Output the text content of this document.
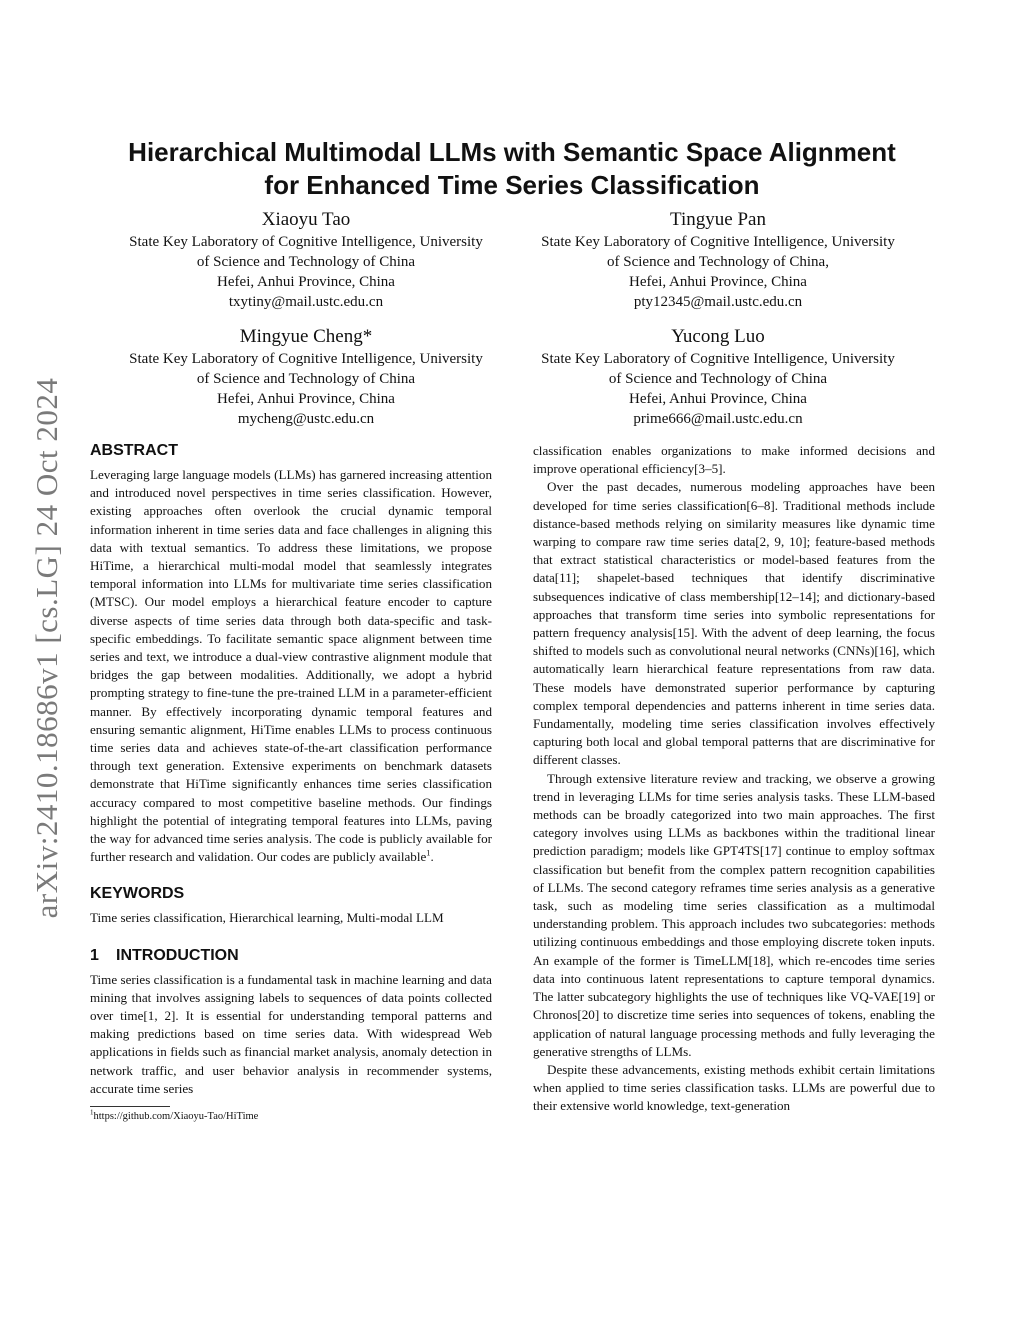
arXiv:2410.18686v1 [cs.LG] 24 Oct 2024
Hierarchical Multimodal LLMs with Semantic Space Alignment
for Enhanced Time Series Classification
Xiaoyu Tao
State Key Laboratory of Cognitive Intelligence, University
of Science and Technology of China
Hefei, Anhui Province, China
txytiny@mail.ustc.edu.cn
Tingyue Pan
State Key Laboratory of Cognitive Intelligence, University
of Science and Technology of China,
Hefei, Anhui Province, China
pty12345@mail.ustc.edu.cn
Mingyue Cheng*
State Key Laboratory of Cognitive Intelligence, University
of Science and Technology of China
Hefei, Anhui Province, China
mycheng@ustc.edu.cn
Yucong Luo
State Key Laboratory of Cognitive Intelligence, University
of Science and Technology of China
Hefei, Anhui Province, China
prime666@mail.ustc.edu.cn
ABSTRACT

Leveraging large language models (LLMs) has garnered increasing attention and introduced novel perspectives in time series classification. However, existing approaches often overlook the crucial dynamic temporal information inherent in time series data and face challenges in aligning this data with textual semantics. To address these limitations, we propose HiTime, a hierarchical multi-modal model that seamlessly integrates temporal information into LLMs for multivariate time series classification (MTSC). Our model employs a hierarchical feature encoder to capture diverse aspects of time series data through both data-specific and task-specific embeddings. To facilitate semantic space alignment between time series and text, we introduce a dual-view contrastive alignment module that bridges the gap between modalities. Additionally, we adopt a hybrid prompting strategy to fine-tune the pre-trained LLM in a parameter-efficient manner. By effectively incorporating dynamic temporal features and ensuring semantic alignment, HiTime enables LLMs to process continuous time series data and achieves state-of-the-art classification performance through text generation. Extensive experiments on benchmark datasets demonstrate that HiTime significantly enhances time series classification accuracy compared to most competitive baseline methods. Our findings highlight the potential of integrating temporal features into LLMs, paving the way for advanced time series analysis. The code is publicly available for further research and validation. Our codes are publicly available$^1$.

KEYWORDS

Time series classification, Hierarchical learning, Multi-modal LLM

1 INTRODUCTION

Time series classification is a fundamental task in machine learning and data mining that involves assigning labels to sequences of data points collected over time[1, 2]. It is essential for understanding temporal patterns and making predictions based on time series data. With widespread Web applications in fields such as financial market analysis, anomaly detection in network traffic, and user behavior analysis in recommender systems, accurate time series

$^1$https://github.com/Xiaoyu-Tao/HiTime

classification enables organizations to make informed decisions and improve operational efficiency[3–5].

Over the past decades, numerous modeling approaches have been developed for time series classification[6–8]. Traditional methods include distance-based methods relying on similarity measures like dynamic time warping to compare raw time series data[2, 9, 10]; feature-based methods that extract statistical characteristics or model-based features from the data[11]; shapelet-based techniques that identify discriminative subsequences indicative of class membership[12–14]; and dictionary-based approaches that transform time series into symbolic representations for pattern frequency analysis[15]. With the advent of deep learning, the focus shifted to models such as convolutional neural networks (CNNs)[16], which automatically learn hierarchical feature representations from raw data. These models have demonstrated superior performance by capturing complex temporal dependencies and patterns inherent in time series data. Fundamentally, modeling time series classification involves effectively capturing both local and global temporal patterns that are discriminative for different classes.

Through extensive literature review and tracking, we observe a growing trend in leveraging LLMs for time series analysis tasks. These LLM-based methods can be broadly categorized into two main approaches. The first category involves using LLMs as backbones within the traditional linear prediction paradigm; models like GPT4TS[17] continue to employ softmax classification but benefit from the complex pattern recognition capabilities of LLMs. The second category reframes time series analysis as a generative task, such as modeling time series classification as a multimodal understanding problem. This approach includes two subcategories: methods utilizing continuous embeddings and those employing discrete token inputs. An example of the former is TimeLLM[18], which re-encodes time series data into continuous latent representations to capture temporal dynamics. The latter subcategory highlights the use of techniques like VQ-VAE[19] or Chronos[20] to discretize time series into sequences of tokens, enabling the application of natural language processing methods and fully leveraging the generative strengths of LLMs.

Despite these advancements, existing methods exhibit certain limitations when applied to time series classification tasks. LLMs are powerful due to their extensive world knowledge, text-generation
